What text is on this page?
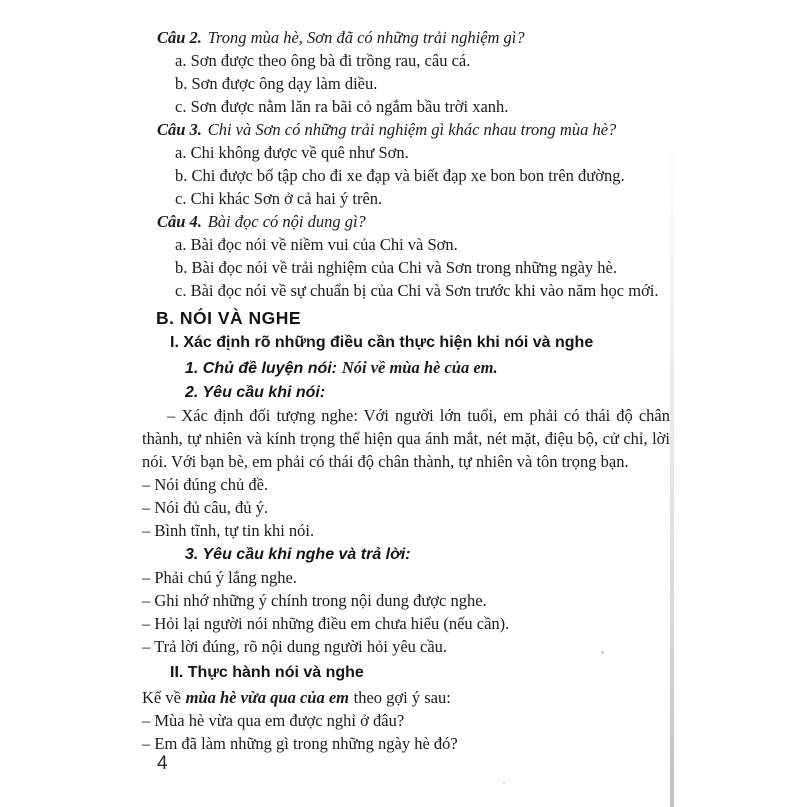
Câu 2. Trong mùa hè, Sơn đã có những trải nghiệm gì?

a. Sơn được theo ông bà đi trồng rau, câu cá.

b. Sơn được ông dạy làm diều.

c. Sơn được nằm lăn ra bãi cỏ ngắm bầu trời xanh.

Câu 3. Chi và Sơn có những trải nghiệm gì khác nhau trong mùa hè?

a. Chi không được về quê như Sơn.

b. Chi được bố tập cho đi xe đạp và biết đạp xe bon bon trên đường.

c. Chi khác Sơn ở cả hai ý trên.

Câu 4. Bài đọc có nội dung gì?

a. Bài đọc nói về niềm vui của Chi và Sơn.

b. Bài đọc nói về trải nghiệm của Chi và Sơn trong những ngày hè.

c. Bài đọc nói về sự chuẩn bị của Chi và Sơn trước khi vào năm học mới.

B. NÓI VÀ NGHE
I. Xác định rõ những điều cần thực hiện khi nói và nghe

1. Chủ đề luyện nói: Nói về mùa hè của em.

2. Yêu cầu khi nói:

– Xác định đối tượng nghe: Với người lớn tuổi, em phải có thái độ chân thành, tự nhiên và kính trọng thể hiện qua ánh mắt, nét mặt, điệu bộ, cử chỉ, lời nói. Với bạn bè, em phải có thái độ chân thành, tự nhiên và tôn trọng bạn.

– Nói đúng chủ đề.

– Nói đủ câu, đủ ý.

– Bình tĩnh, tự tin khi nói.

3. Yêu cầu khi nghe và trả lời:

– Phải chú ý lắng nghe.

– Ghi nhớ những ý chính trong nội dung được nghe.

– Hỏi lại người nói những điều em chưa hiểu (nếu cần).

– Trả lời đúng, rõ nội dung người hỏi yêu cầu.

II. Thực hành nói và nghe

Kể về mùa hè vừa qua của em theo gợi ý sau:

– Mùa hè vừa qua em được nghỉ ở đâu?

– Em đã làm những gì trong những ngày hè đó?

4
